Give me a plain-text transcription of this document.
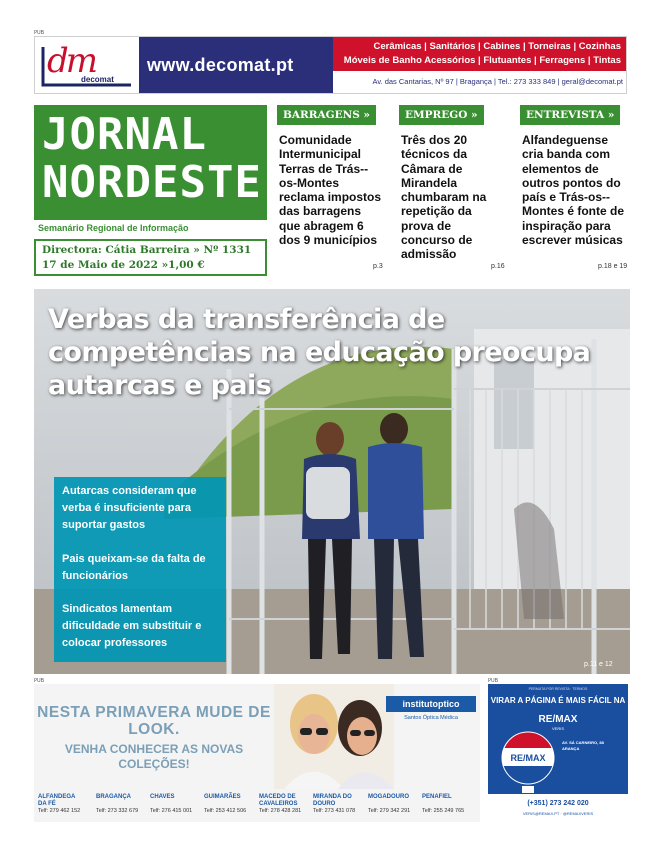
PUB
PUB	PUB
dm
decomat
www.decomat.pt
Cerâmicas | Sanitários | Cabines | Torneiras | Cozinhas
Móveis de Banho Acessórios | Flutuantes | Ferragens | Tintas
Av. das Cantarias, Nº 97 | Bragança | Tel.: 273 333 849 | geral@decomat.pt
JORNAL
NORDESTE
Semanário Regional de Informação
Directora: Cátia Barreira » Nº 1331
17 de Maio de 2022 »1,00 €
BARRAGENS »
Comunidade Intermunicipal Terras de Trás--os-Montes reclama impostos das barragens que abragem 6 dos 9 municípios
p.3
EMPREGO »
Três dos 20 técnicos da Câmara de Mirandela chumbaram na repetição da prova de concurso de admissão
p.16
ENTREVISTA »
Alfandeguense cria banda com elementos de outros pontos do país e Trás-os--Montes é fonte de inspiração para escrever músicas
p.18 e 19
Verbas da transferência de competências na educação preocupa autarcas e pais
Autarcas consideram que verba é insuficiente para suportar gastos
Pais queixam-se da falta de funcionários
Sindicatos lamentam dificuldade em substituir e colocar professores
p.11 e 12
NESTA PRIMAVERA MUDE DE LOOK.
VENHA CONHECER AS NOVAS COLEÇÕES!
institutoptico
Santos Óptica Médica
ALFANDEGA DA FÉ
Telf: 279 462 152
BRAGANÇA
Telf: 273 332 679
CHAVES
Telf: 276 415 001
GUIMARÃES
Telf: 253 412 506
MACEDO DE CAVALEIROS
Telf: 278 428 281
MIRANDA DO DOURO
Telf: 273 431 078
MOGADOURO
Telf: 279 342 291
PENAFIEL
Telf: 255 249 765
PERMUTA POR REVISTA · TERMOS
VIRAR A PÁGINA É MAIS FÁCIL NA
RE/MAX
VERIS
RE/MAX
AV. SÁ CARNEIRO, 88 ARANÇA
(+351) 273 242 020
VERIS@REMAX.PT · @REMAXVERIS
